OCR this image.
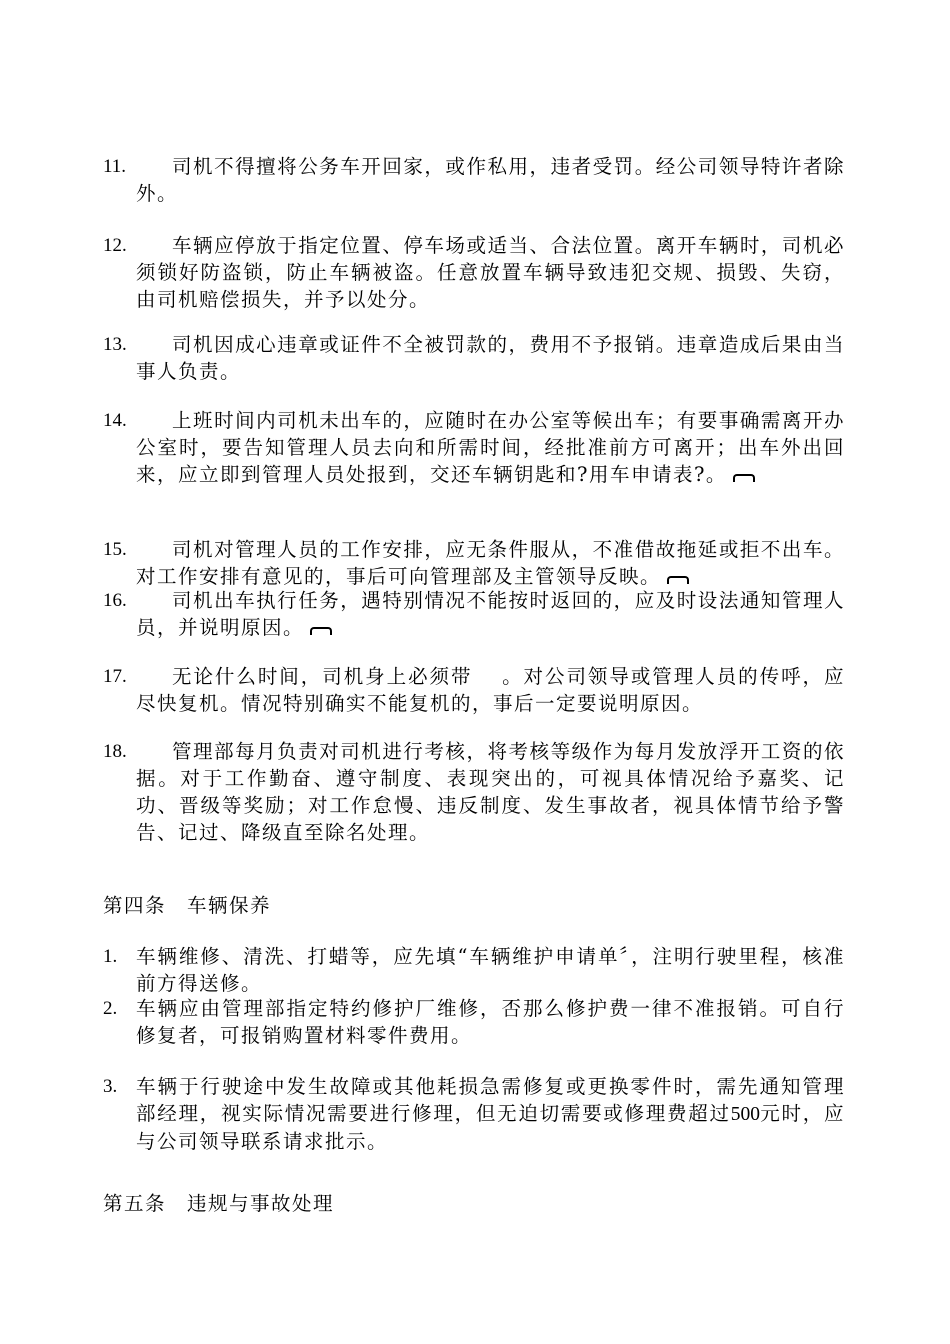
11.	司机不得擅将公务车开回家，或作私用，违者受罚。经公司领导特许者除外。
12.	车辆应停放于指定位置、停车场或适当、合法位置。离开车辆时，司机必须锁好防盗锁，防止车辆被盗。任意放置车辆导致违犯交规、损毁、失窃，由司机赔偿损失，并予以处分。
13.	司机因成心违章或证件不全被罚款的，费用不予报销。违章造成后果由当事人负责。
14.	上班时间内司机未出车的，应随时在办公室等候出车；有要事确需离开办公室时，要告知管理人员去向和所需时间，经批准前方可离开；出车外出回来，应立即到管理人员处报到，交还车辆钥匙和?用车申请表?。
15.	司机对管理人员的工作安排，应无条件服从，不准借故拖延或拒不出车。对工作安排有意见的，事后可向管理部及主管领导反映。
16.	司机出车执行任务，遇特别情况不能按时返回的，应及时设法通知管理人员，并说明原因。
17.	无论什么时间，司机身上必须带　 。对公司领导或管理人员的传呼，应尽快复机。情况特别确实不能复机的，事后一定要说明原因。
18.	管理部每月负责对司机进行考核，将考核等级作为每月发放浮开工资的依据。对于工作勤奋、遵守制度、表现突出的，可视具体情况给予嘉奖、记功、晋级等奖励；对工作怠慢、违反制度、发生事故者，视具体情节给予警告、记过、降级直至除名处理。
第四条　车辆保养
1. 车辆维修、清洗、打蜡等，应先填“车辆维护申请单〞，注明行驶里程，核准前方得送修。
2. 车辆应由管理部指定特约修护厂维修，否那么修护费一律不准报销。可自行修复者，可报销购置材料零件费用。
3. 车辆于行驶途中发生故障或其他耗损急需修复或更换零件时，需先通知管理部经理，视实际情况需要进行修理，但无迫切需要或修理费超过500元时，应与公司领导联系请求批示。
第五条　违规与事故处理
